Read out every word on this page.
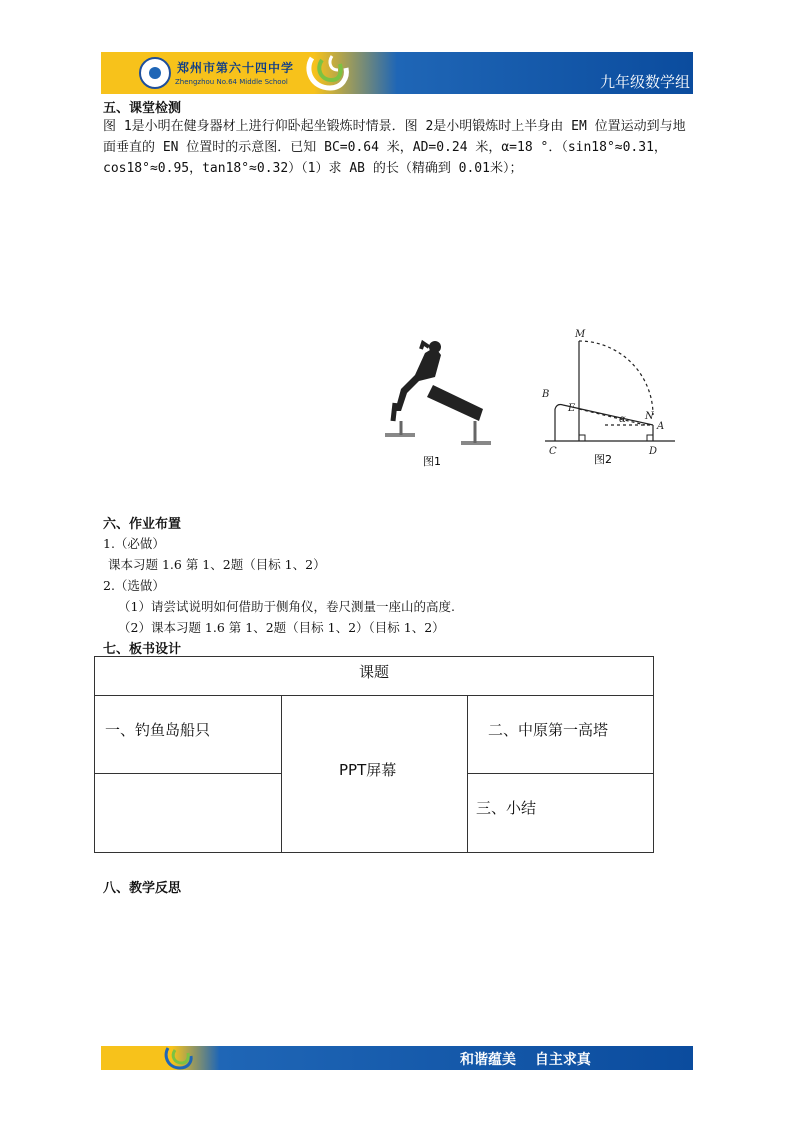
郑州市第六十四中学
Zhengzhou No.64 Middle School	九年级数学组
五、课堂检测

图 1是小明在健身器材上进行仰卧起坐锻炼时情景．图 2是小明锻炼时上半身由 EM 位置运动到与地面垂直的 EN 位置时的示意图．已知 BC=0.64 米，AD=0.24 米，α=18 °．（sin18°≈0.31，cos18°≈0.95，tan18°≈0.32）（1）求 AB 的长（精确到 0.01米）；

图1
M
B
E
N
A
C	D
α
图2
六、作业布置
1.（必做）
课本习题 1.6 第 1、2题（目标 1、2）
2.（选做）
（1）请尝试说明如何借助于侧角仪，卷尺测量一座山的高度.
（2）课本习题 1.6 第 1、2题（目标 1、2）（目标 1、2）
七、板书设计
课题
一、钓鱼岛船只
PPT屏幕
二、中原第一高塔
三、小结
八、教学反思
和谐蕴美 自主求真
